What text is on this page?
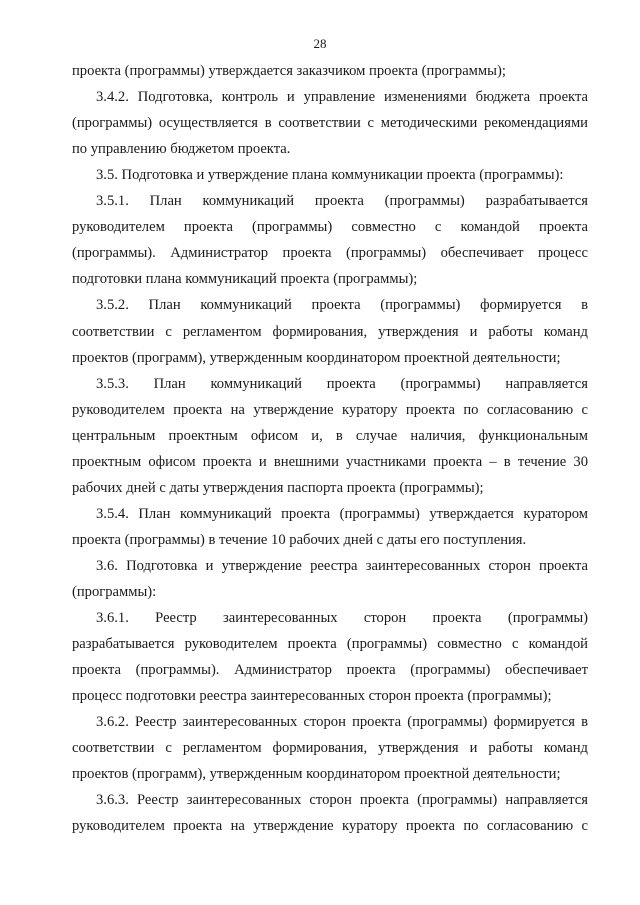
28
проекта (программы) утверждается заказчиком проекта (программы);
3.4.2. Подготовка, контроль и управление изменениями бюджета проекта
(программы) осуществляется в соответствии с методическими рекомендациями
по управлению бюджетом проекта.
3.5. Подготовка и утверждение плана коммуникации проекта (программы):
3.5.1. План коммуникаций проекта (программы) разрабатывается
руководителем проекта (программы) совместно с командой проекта
(программы). Администратор проекта (программы) обеспечивает процесс
подготовки плана коммуникаций проекта (программы);
3.5.2. План коммуникаций проекта (программы) формируется в
соответствии с регламентом формирования, утверждения и работы команд
проектов (программ), утвержденным координатором проектной деятельности;
3.5.3. План коммуникаций проекта (программы) направляется
руководителем проекта на утверждение куратору проекта по согласованию с
центральным проектным офисом и, в случае наличия, функциональным
проектным офисом проекта и внешними участниками проекта – в течение 30
рабочих дней с даты утверждения паспорта проекта (программы);
3.5.4. План коммуникаций проекта (программы) утверждается куратором
проекта (программы) в течение 10 рабочих дней с даты его поступления.
3.6. Подготовка и утверждение реестра заинтересованных сторон проекта
(программы):
3.6.1. Реестр заинтересованных сторон проекта (программы)
разрабатывается руководителем проекта (программы) совместно с командой
проекта (программы). Администратор проекта (программы) обеспечивает
процесс подготовки реестра заинтересованных сторон проекта (программы);
3.6.2. Реестр заинтересованных сторон проекта (программы) формируется в
соответствии с регламентом формирования, утверждения и работы команд
проектов (программ), утвержденным координатором проектной деятельности;
3.6.3. Реестр заинтересованных сторон проекта (программы) направляется
руководителем проекта на утверждение куратору проекта по согласованию с
